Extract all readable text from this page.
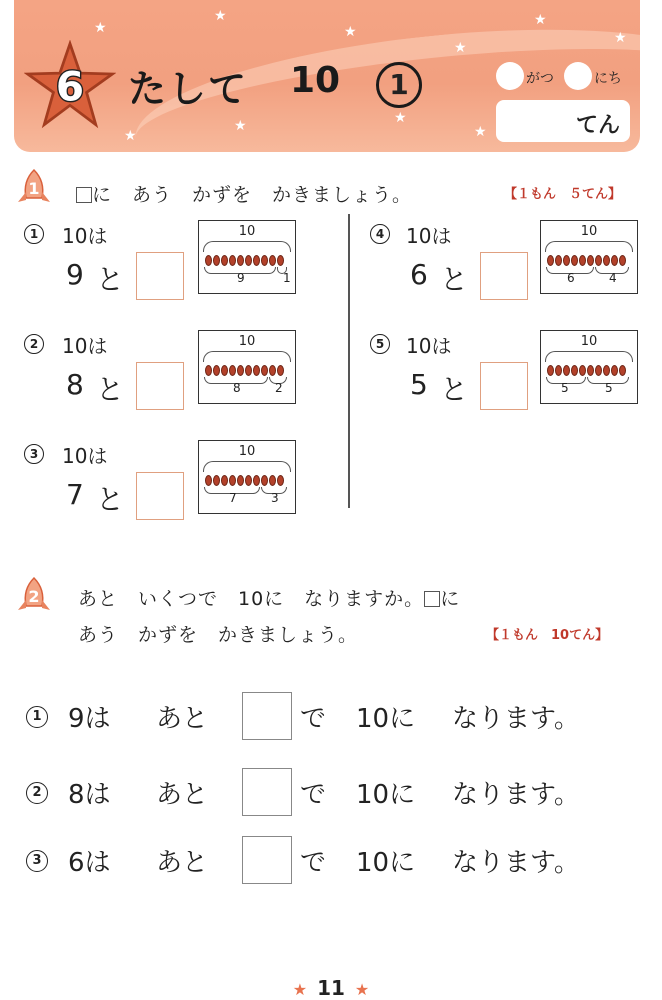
★
★
★
★
★
★
★	★
★
★
6 たして 10	1	がつ	にち
てん
1	に　あう　かずを　かきましょう。	【１もん　５てん】
1 10は
9 と
10
9	1
2 10は
8 と
10
8	2
3 10は
7 と
10
7	3
4 10は
6 と
10
6	4
5 10は
5 と
10
5	5
2 あと　いくつで　10に　なりますか。 に
あう　かずを　かきましょう。	【１もん　10てん】
1 9は あと	で 10に なります。
2 8は あと	で 10に なります。
3 6は あと	で 10に なります。
★ 11 ★
